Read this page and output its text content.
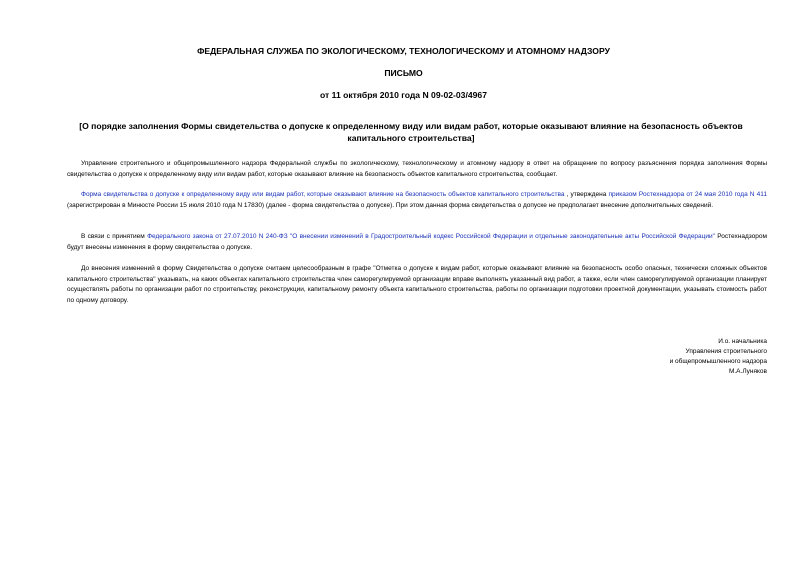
ФЕДЕРАЛЬНАЯ СЛУЖБА ПО ЭКОЛОГИЧЕСКОМУ, ТЕХНОЛОГИЧЕСКОМУ И АТОМНОМУ НАДЗОРУ
ПИСЬМО
от 11 октября 2010 года N 09-02-03/4967
[О порядке заполнения Формы свидетельства о допуске к определенному виду или видам работ, которые оказывают влияние на безопасность объектов капитального строительства]

Управление строительного и общепромышленного надзора Федеральной службы по экологическому, технологическому и атомному надзору в ответ на обращение по вопросу разъяснения порядка заполнения Формы свидетельства о допуске к определенному виду или видам работ, которые оказывают влияние на безопасность объектов капитального строительства, сообщает.

Форма свидетельства о допуске к определенному виду или видам работ, которые оказывают влияние на безопасность объектов капитального строительства , утверждена приказом Ростехнадзора от 24 мая 2010 года N 411 (зарегистрирован в Минюсте России 15 июля 2010 года N 17830) (далее - форма свидетельства о допуске). При этом данная форма свидетельства о допуске не предполагает внесение дополнительных сведений.

В связи с принятием Федерального закона от 27.07.2010 N 240-ФЗ "О внесении изменений в Градостроительный кодекс Российской Федерации и отдельные законодательные акты Российской Федерации" Ростехнадзором будут внесены изменения в форму свидетельства о допуске.

До внесения изменений в форму Свидетельства о допуске считаем целесообразным в графе "Отметка о допуске к видам работ, которые оказывают влияние на безопасность особо опасных, технически сложных объектов капитального строительства" указывать, на каких объектах капитального строительства член саморегулируемой организации вправе выполнять указанный вид работ, а также, если член саморегулируемой организации планирует осуществлять работы по организации работ по строительству, реконструкции, капитальному ремонту объекта капитального строительства, работы по организации подготовки проектной документации, указывать стоимость работ по одному договору.

И.о. начальника
Управления строительного
и общепромышленного надзора
М.А.Луняков
